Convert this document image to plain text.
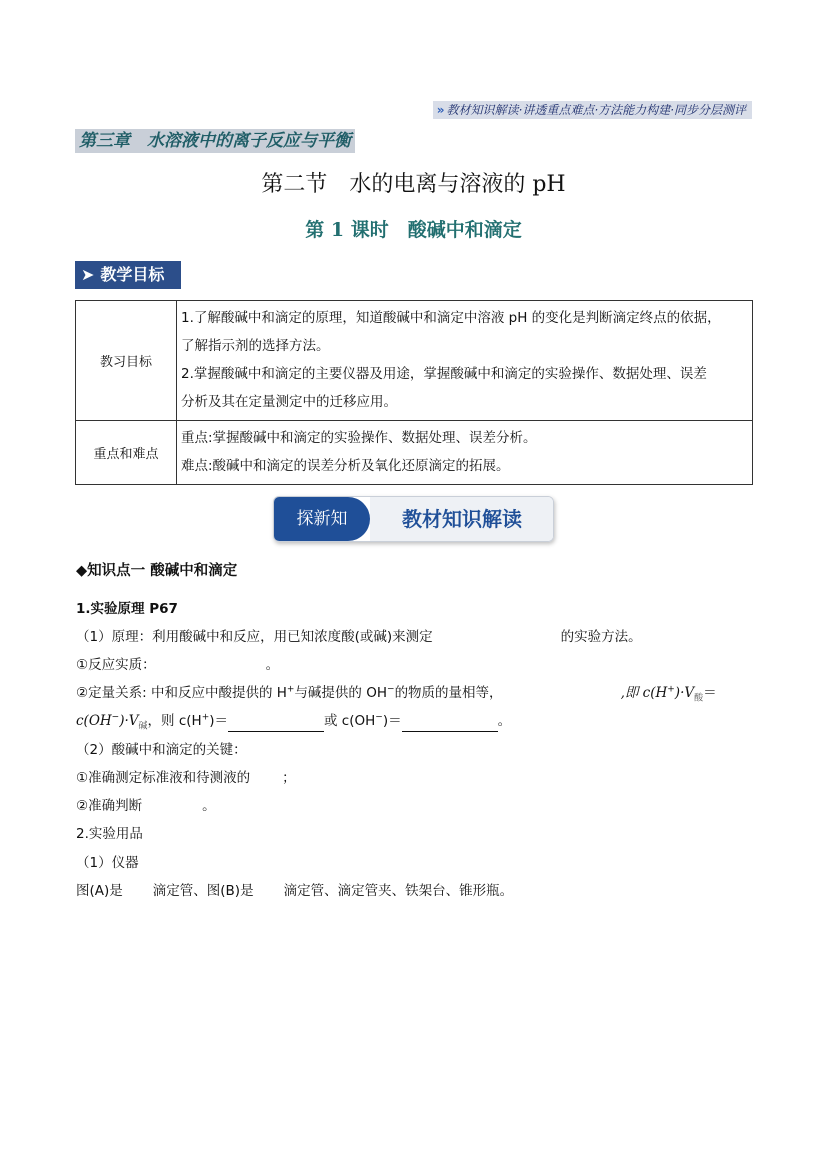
» 教材知识解读·讲透重点难点·方法能力构建·同步分层测评
第三章　水溶液中的离子反应与平衡
第二节　水的电离与溶液的 pH
第 1 课时　酸碱中和滴定
➤ 教学目标
教习目标	1.了解酸碱中和滴定的原理，知道酸碱中和滴定中溶液 pH 的变化是判断滴定终点的依据，
了解指示剂的选择方法。
2.掌握酸碱中和滴定的主要仪器及用途，掌握酸碱中和滴定的实验操作、数据处理、误差
分析及其在定量测定中的迁移应用。

重点和难点	重点:掌握酸碱中和滴定的实验操作、数据处理、误差分析。
难点:酸碱中和滴定的误差分析及氧化还原滴定的拓展。
探新知	教材知识解读
◆知识点一 酸碱中和滴定
1.实验原理 P67
（1）原理：利用酸碱中和反应，用已知浓度酸(或碱)来测定	的实验方法。
①反应实质：	。
②定量关系: 中和反应中酸提供的 H+与碱提供的 OH−的物质的量相等，	,即 $c(H^+)\cdot V_酸=$
$c(OH^-)\cdot V_碱$，则 c(H+)＝	或 c(OH−)＝	。
（2）酸碱中和滴定的关键：
①准确测定标准液和待测液的 ；
②准确判断	。
2.实验用品
（1）仪器
图(A)是 滴定管、图(B)是 滴定管、滴定管夹、铁架台、锥形瓶。
